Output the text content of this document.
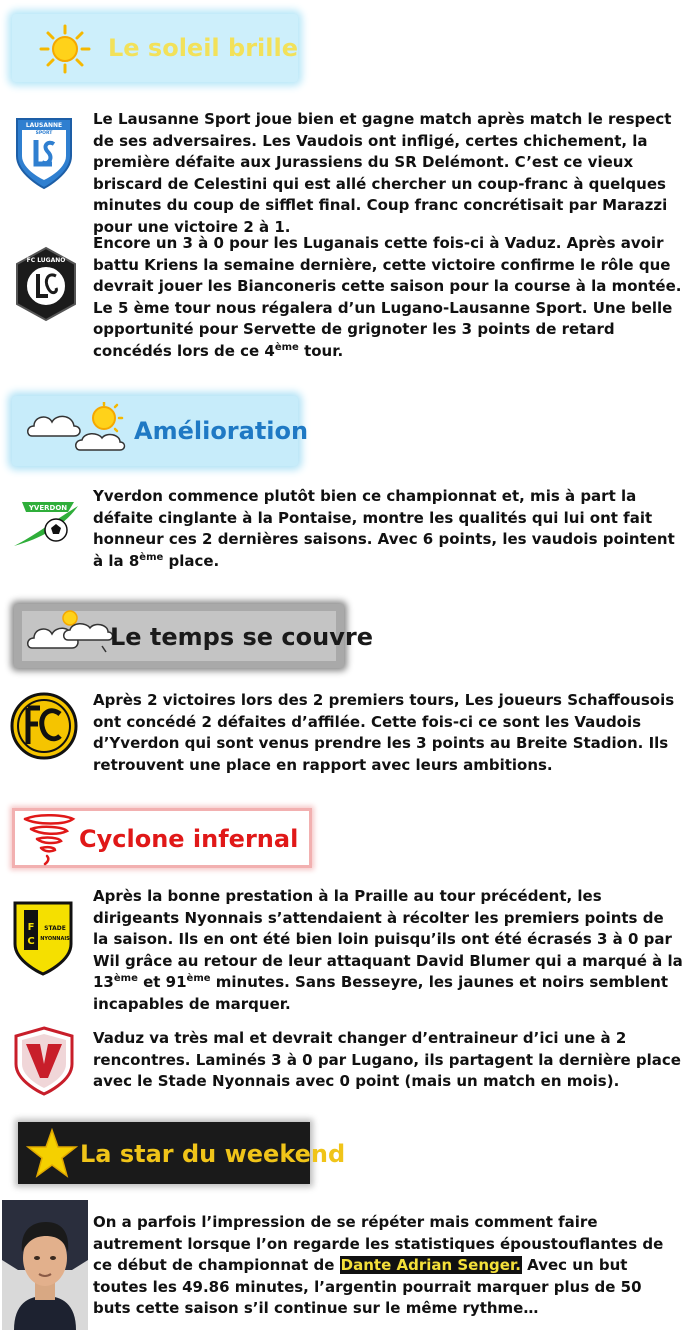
Le soleil brille
LAUSANNE
SPORT

Le Lausanne Sport joue bien et gagne match après match le respect de ses adversaires. Les Vaudois ont infligé, certes chichement, la première défaite aux Jurassiens du SR Delémont. C’est ce vieux briscard de Celestini qui est allé chercher un coup-franc à quelques minutes du coup de sifflet final. Coup franc concrétisait par Marazzi pour une victoire 2 à 1.

FC LUGANO

Encore un 3 à 0 pour les Luganais cette fois-ci à Vaduz. Après avoir battu Kriens la semaine dernière, cette victoire confirme le rôle que devrait jouer les Bianconeris cette saison pour la course à la montée. Le 5 ème tour nous régalera d’un Lugano-Lausanne Sport. Une belle opportunité pour Servette de grignoter les 3 points de retard concédés lors de ce 4ème tour.

Amélioration
YVERDON

Yverdon commence plutôt bien ce championnat et, mis à part la défaite cinglante à la Pontaise, montre les qualités qui lui ont fait honneur ces 2 dernières saisons. Avec 6 points, les vaudois pointent à la 8ème place.

Le temps se couvre

Après 2 victoires lors des 2 premiers tours, Les joueurs Schaffousois ont concédé 2 défaites d’affilée. Cette fois-ci ce sont les Vaudois d’Yverdon qui sont venus prendre les 3 points au Breite Stadion. Ils retrouvent une place en rapport avec leurs ambitions.

Cyclone infernal
F
C
STADE
NYONNAIS

Après la bonne prestation à la Praille au tour précédent, les dirigeants Nyonnais s’attendaient à récolter les premiers points de la saison. Ils en ont été bien loin puisqu’ils ont été écrasés 3 à 0 par Wil grâce au retour de leur attaquant David Blumer qui a marqué à la 13ème et 91ème minutes. Sans Besseyre, les jaunes et noirs semblent incapables de marquer.

Vaduz va très mal et devrait changer d’entraineur d’ici une à 2 rencontres. Laminés 3 à 0 par Lugano, ils partagent la dernière place avec le Stade Nyonnais avec 0 point (mais un match en mois).

La star du weekend

On a parfois l’impression de se répéter mais comment faire autrement lorsque l’on regarde les statistiques époustouflantes de ce début de championnat de Dante Adrian Senger. Avec un but toutes les 49.86 minutes, l’argentin pourrait marquer plus de 50 buts cette saison s’il continue sur le même rythme…
